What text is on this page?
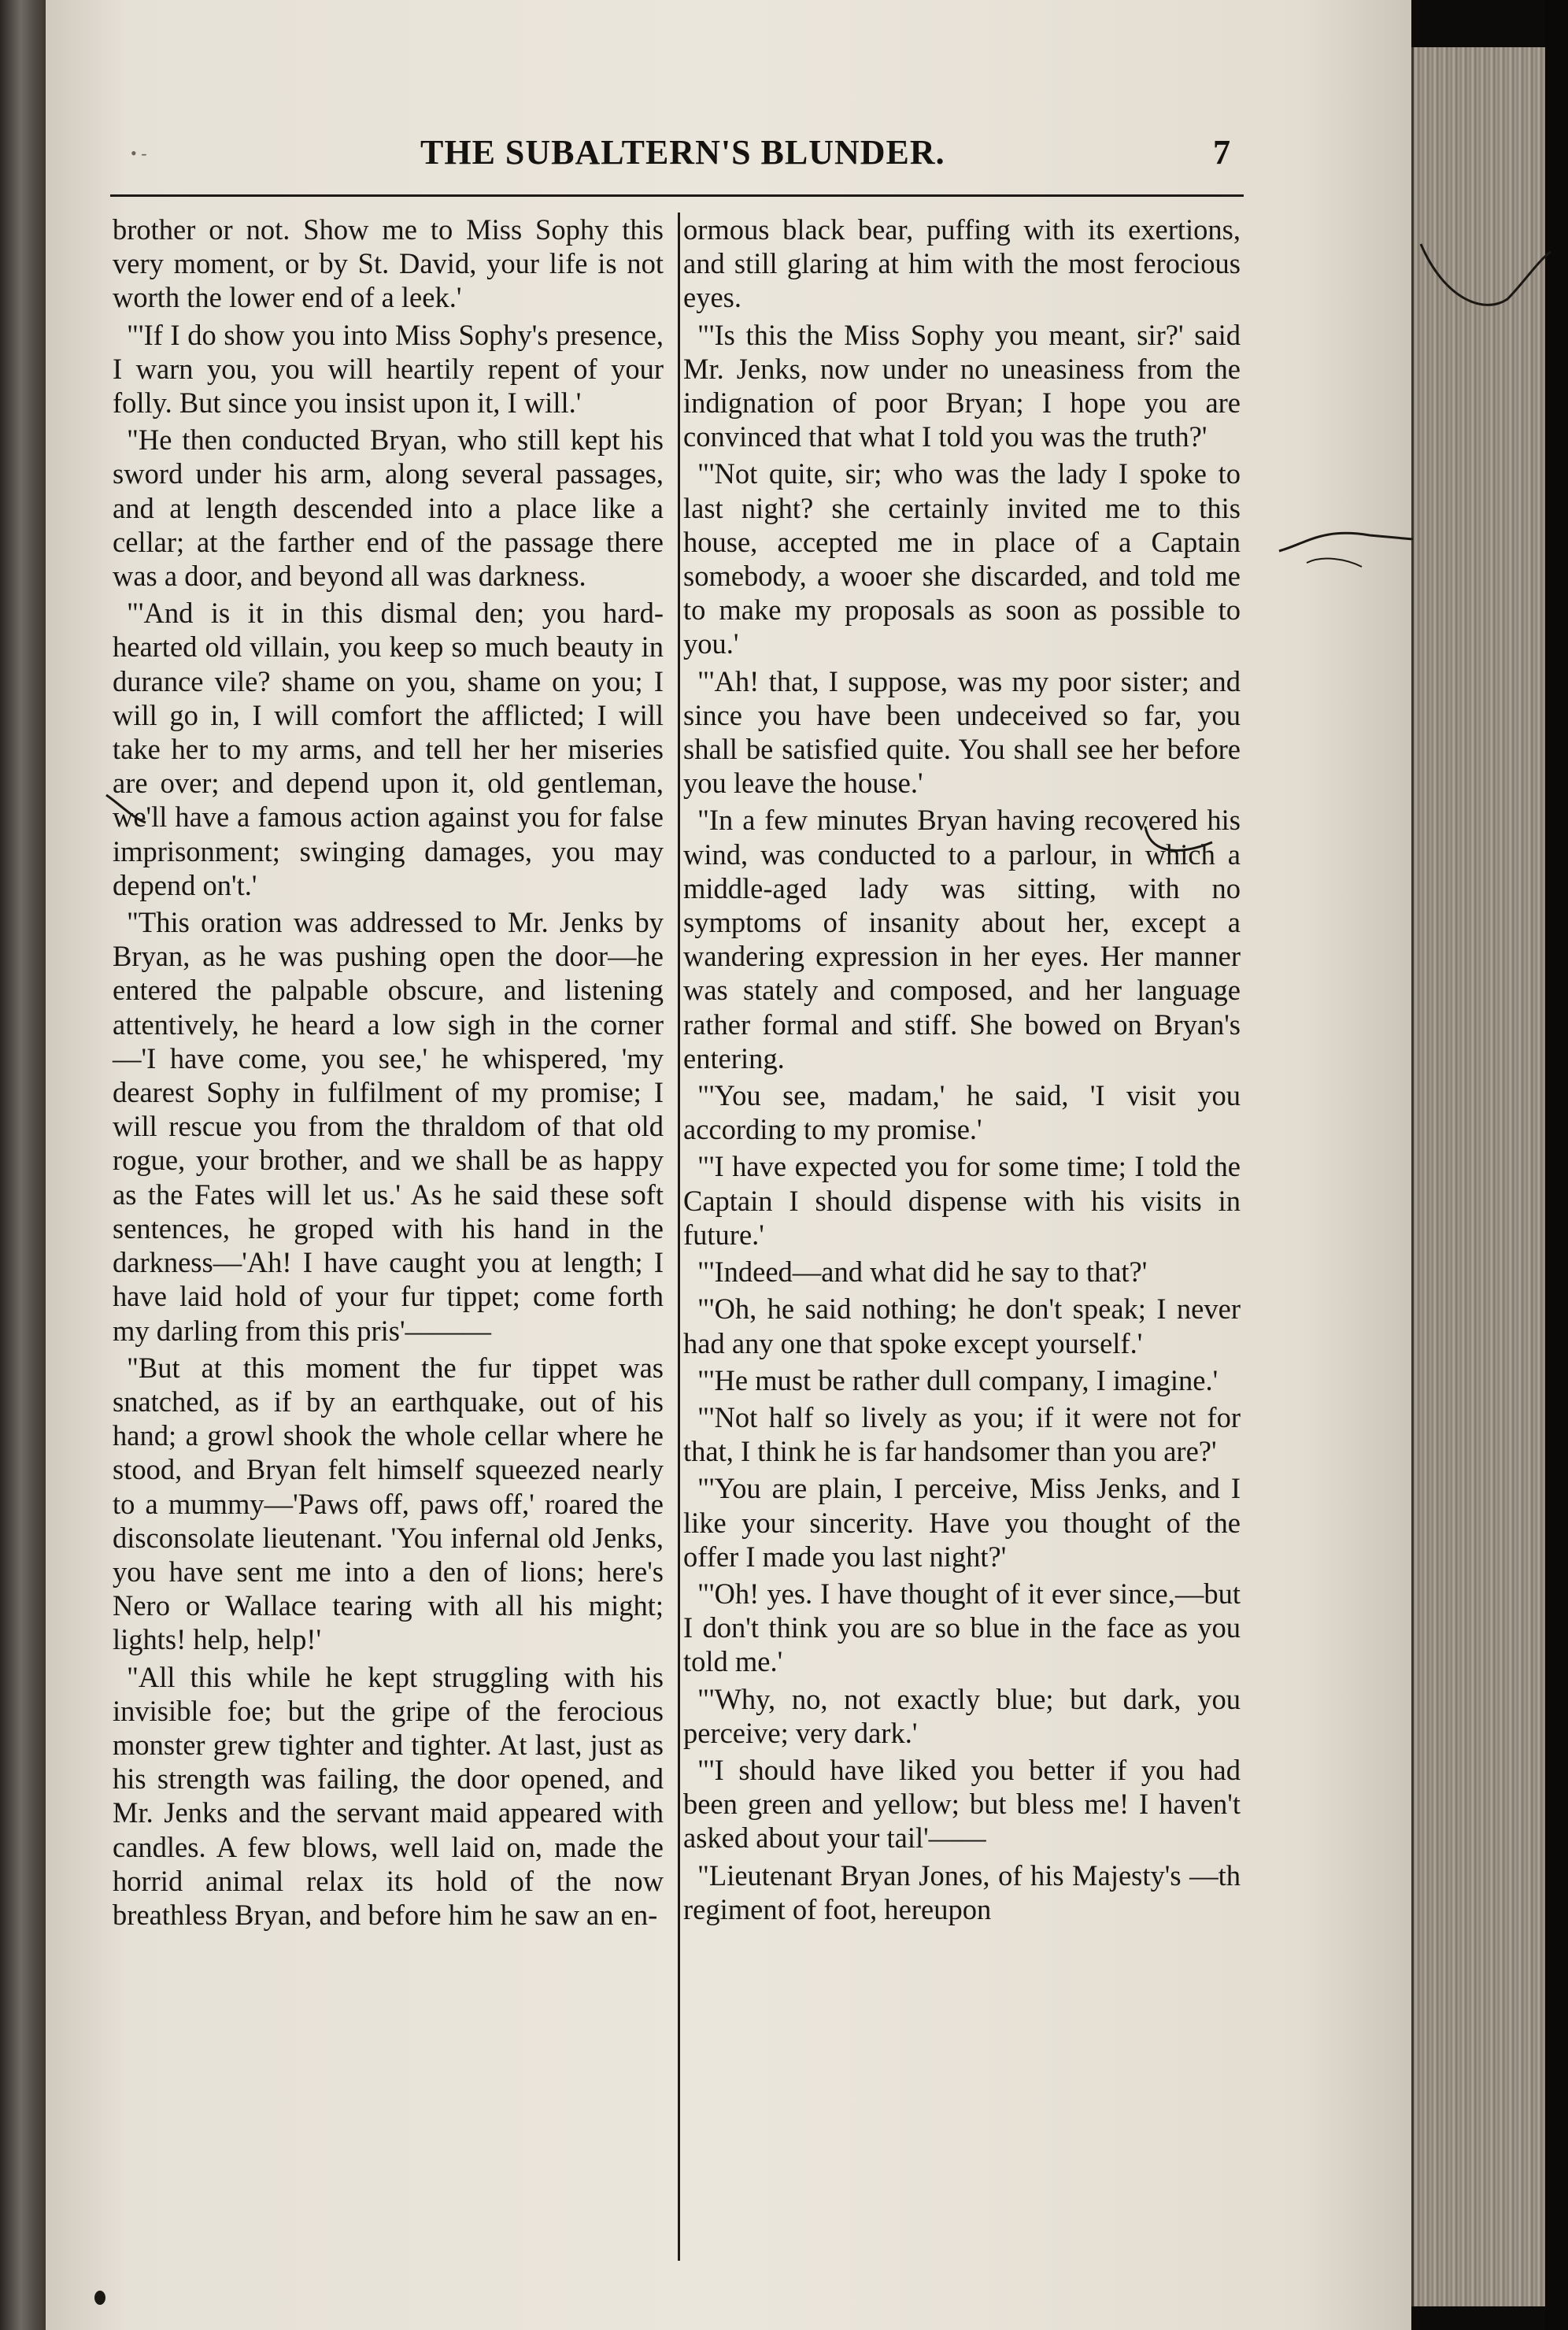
• -	THE SUBALTERN'S BLUNDER.	7

brother or not. Show me to Miss Sophy this very moment, or by St. David, your life is not worth the lower end of a leek.'

"'If I do show you into Miss Sophy's presence, I warn you, you will heartily repent of your folly. But since you insist upon it, I will.'

"He then conducted Bryan, who still kept his sword under his arm, along several passages, and at length descended into a place like a cellar; at the farther end of the passage there was a door, and beyond all was darkness.

"'And is it in this dismal den; you hard-hearted old villain, you keep so much beauty in durance vile? shame on you, shame on you; I will go in, I will comfort the afflicted; I will take her to my arms, and tell her her miseries are over; and depend upon it, old gentleman, we'll have a famous action against you for false imprisonment; swinging damages, you may depend on't.'

"This oration was addressed to Mr. Jenks by Bryan, as he was pushing open the door—he entered the palpable obscure, and listening attentively, he heard a low sigh in the corner—'I have come, you see,' he whispered, 'my dearest Sophy in fulfilment of my promise; I will rescue you from the thraldom of that old rogue, your brother, and we shall be as happy as the Fates will let us.' As he said these soft sentences, he groped with his hand in the darkness—'Ah! I have caught you at length; I have laid hold of your fur tippet; come forth my darling from this pris'———

"But at this moment the fur tippet was snatched, as if by an earthquake, out of his hand; a growl shook the whole cellar where he stood, and Bryan felt himself squeezed nearly to a mummy—'Paws off, paws off,' roared the disconsolate lieutenant. 'You infernal old Jenks, you have sent me into a den of lions; here's Nero or Wallace tearing with all his might; lights! help, help!'

"All this while he kept struggling with his invisible foe; but the gripe of the ferocious monster grew tighter and tighter. At last, just as his strength was failing, the door opened, and Mr. Jenks and the servant maid appeared with candles. A few blows, well laid on, made the horrid animal relax its hold of the now breathless Bryan, and before him he saw an en-

ormous black bear, puffing with its exertions, and still glaring at him with the most ferocious eyes.

"'Is this the Miss Sophy you meant, sir?' said Mr. Jenks, now under no uneasiness from the indignation of poor Bryan; I hope you are convinced that what I told you was the truth?'

"'Not quite, sir; who was the lady I spoke to last night? she certainly invited me to this house, accepted me in place of a Captain somebody, a wooer she discarded, and told me to make my proposals as soon as possible to you.'

"'Ah! that, I suppose, was my poor sister; and since you have been undeceived so far, you shall be satisfied quite. You shall see her before you leave the house.'

"In a few minutes Bryan having recovered his wind, was conducted to a parlour, in which a middle-aged lady was sitting, with no symptoms of insanity about her, except a wandering expression in her eyes. Her manner was stately and composed, and her language rather formal and stiff. She bowed on Bryan's entering.

"'You see, madam,' he said, 'I visit you according to my promise.'

"'I have expected you for some time; I told the Captain I should dispense with his visits in future.'

"'Indeed—and what did he say to that?'

"'Oh, he said nothing; he don't speak; I never had any one that spoke except yourself.'

"'He must be rather dull company, I imagine.'

"'Not half so lively as you; if it were not for that, I think he is far handsomer than you are?'

"'You are plain, I perceive, Miss Jenks, and I like your sincerity. Have you thought of the offer I made you last night?'

"'Oh! yes. I have thought of it ever since,—but I don't think you are so blue in the face as you told me.'

"'Why, no, not exactly blue; but dark, you perceive; very dark.'

"'I should have liked you better if you had been green and yellow; but bless me! I haven't asked about your tail'——

"Lieutenant Bryan Jones, of his Majesty's —th regiment of foot, hereupon
